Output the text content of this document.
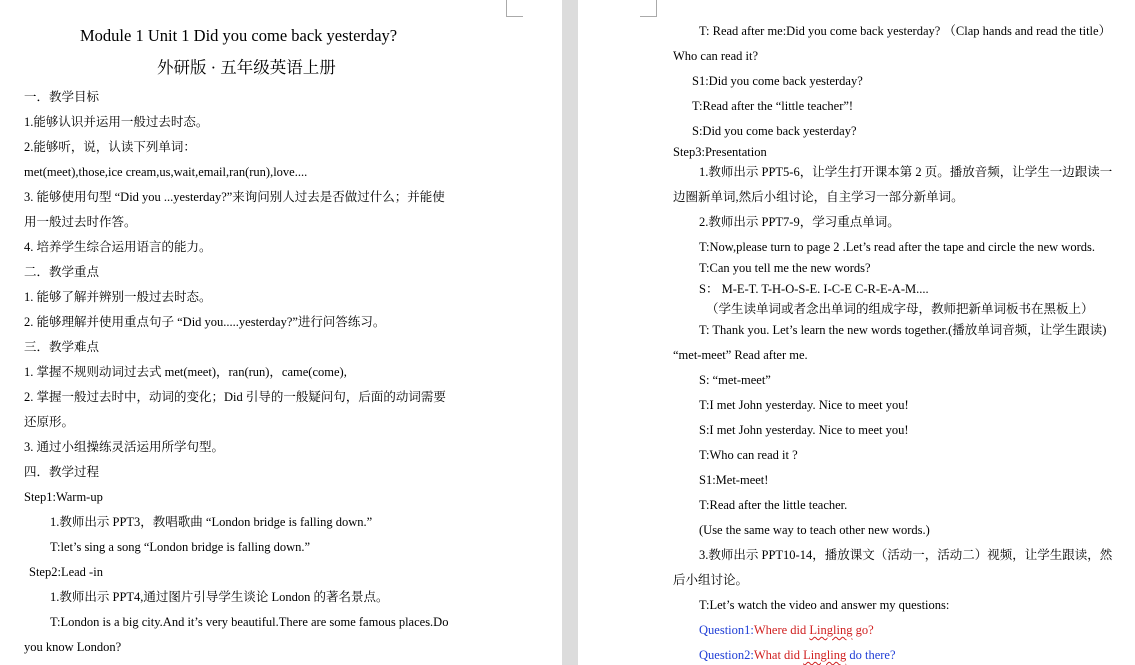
Module 1 Unit 1 Did you come back yesterday?
外研版 · 五年级英语上册
一．教学目标
1.能够认识并运用一般过去时态。
2.能够听，说，认读下列单词：
met(meet),those,ice cream,us,wait,email,ran(run),love....
3. 能够使用句型 “Did you ...yesterday?”来询问别人过去是否做过什么；并能使
用一般过去时作答。
4. 培养学生综合运用语言的能力。
二．教学重点
1. 能够了解并辨别一般过去时态。
2. 能够理解并使用重点句子 “Did you.....yesterday?”进行问答练习。
三．教学难点
1. 掌握不规则动词过去式 met(meet)，ran(run)，came(come),
2. 掌握一般过去时中，动词的变化；Did 引导的一般疑问句，后面的动词需要
还原形。
3. 通过小组操练灵活运用所学句型。
四．教学过程
Step1:Warm-up
1.教师出示 PPT3，教唱歌曲 “London bridge is falling down.”
T:let’s sing a song “London bridge is falling down.”
Step2:Lead -in
1.教师出示 PPT4,通过图片引导学生谈论 London 的著名景点。
T:London is a big city.And it’s very beautiful.There are some famous places.Do
you know London?
T: Read after me:Did you come back yesterday? （Clap hands and read the title）
Who can read it?
S1:Did you come back yesterday?
T:Read after the “little teacher”!
S:Did you come back yesterday?
Step3:Presentation
1.教师出示 PPT5-6，让学生打开课本第 2 页。播放音频，让学生一边跟读一
边圈新单词,然后小组讨论，自主学习一部分新单词。
2.教师出示 PPT7-9，学习重点单词。
T:Now,please turn to page 2 .Let’s read after the tape and circle the new words.
T:Can you tell me the new words?
S： M-E-T. T-H-O-S-E. I-C-E C-R-E-A-M....
（学生读单词或者念出单词的组成字母，教师把新单词板书在黑板上）
T: Thank you. Let’s learn the new words together.(播放单词音频，让学生跟读)
“met-meet” Read after me.
S: “met-meet”
T:I met John yesterday. Nice to meet you!
S:I met John yesterday. Nice to meet you!
T:Who can read it ?
S1:Met-meet!
T:Read after the little teacher.
(Use the same way to teach other new words.)
3.教师出示 PPT10-14，播放课文（活动一，活动二）视频，让学生跟读，然
后小组讨论。
T:Let’s watch the video and answer my questions:
Question1:Where did Lingling go?
Question2:What did Lingling do there?
